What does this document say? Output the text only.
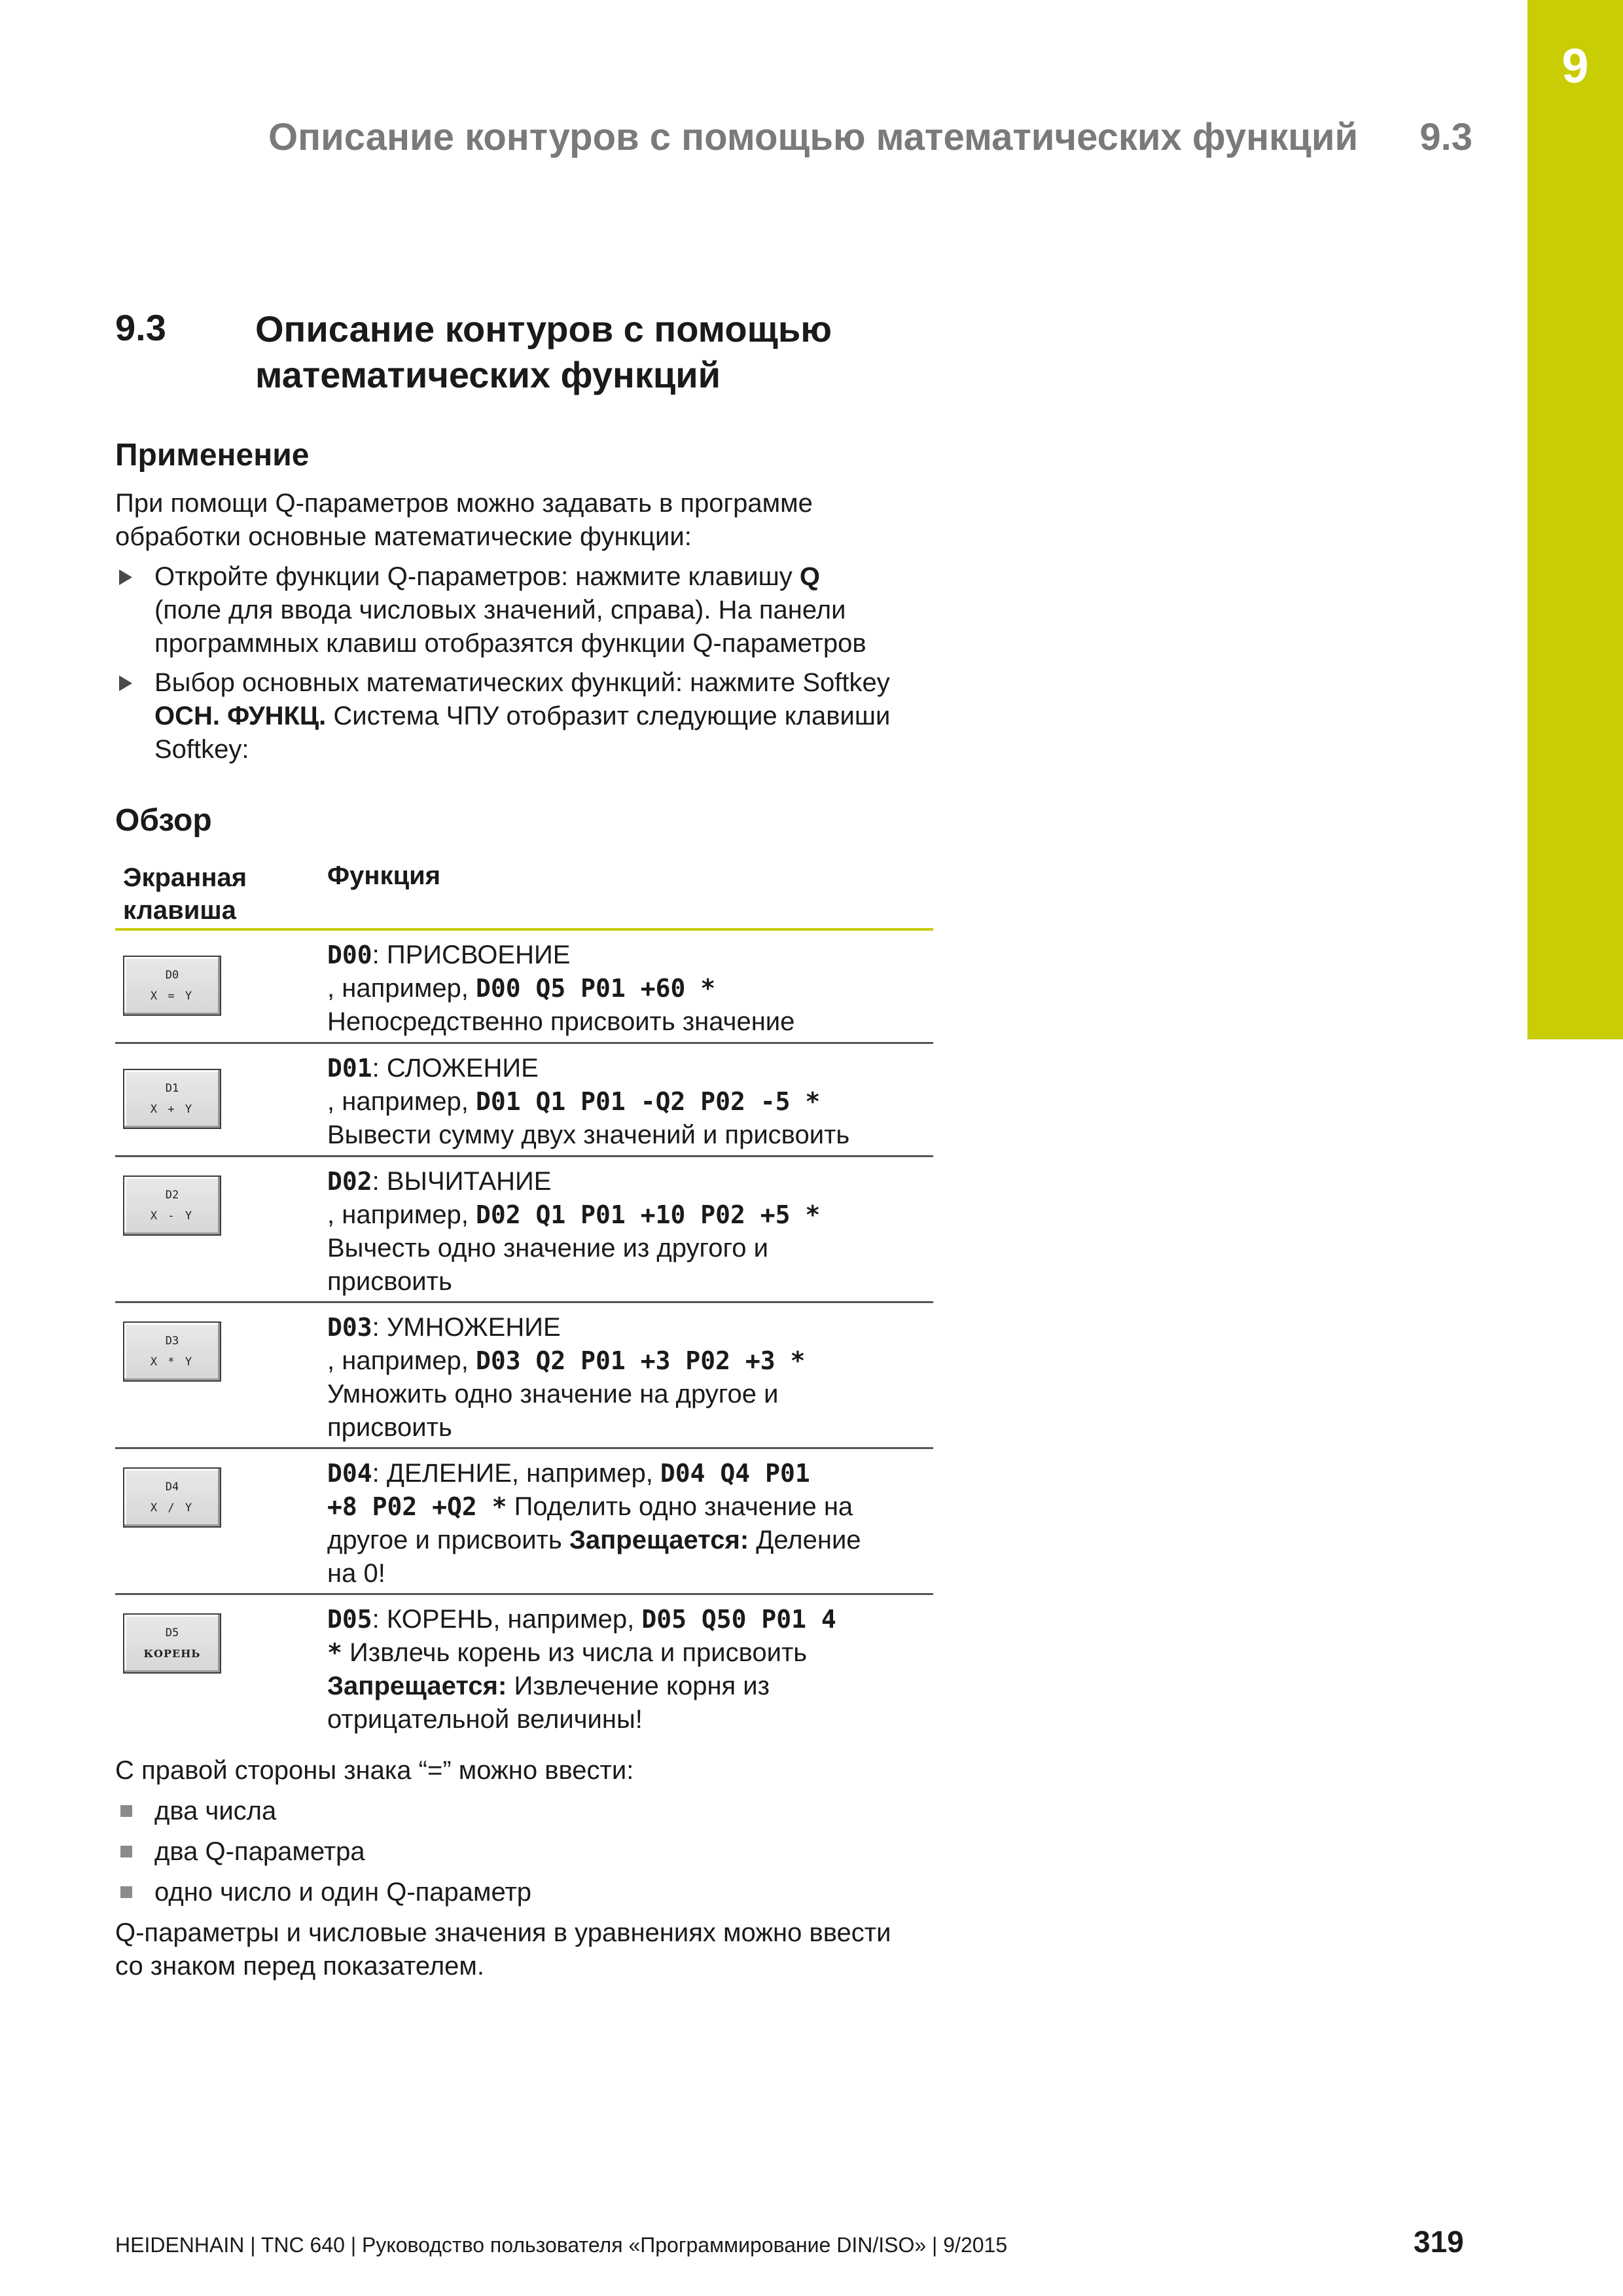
9
Описание контуров с помощью математических функций 9.3
9.3 Описание контуров с помощью
математических функций
Применение
При помощи Q-параметров можно задавать в программе
обработки основные математические функции:
Откройте функции Q-параметров: нажмите клавишу Q
(поле для ввода числовых значений, справа). На панели
программных клавиш отобразятся функции Q-параметров
Выбор основных математических функций: нажмите Softkey
ОСН. ФУНКЦ. Система ЧПУ отобразит следующие клавиши
Softkey:
Обзор
Экранная
клавиша
Функция
D0
X = Y
D00: ПРИСВОЕНИЕ
, например, D00 Q5 P01 +60 *
Непосредственно присвоить значение
D1
X + Y
D01: СЛОЖЕНИЕ
, например, D01 Q1 P01 -Q2 P02 -5 *
Вывести сумму двух значений и присвоить
D2
X - Y
D02: ВЫЧИТАНИЕ
, например, D02 Q1 P01 +10 P02 +5 *
Вычесть одно значение из другого и
присвоить
D3
X * Y
D03: УМНОЖЕНИЕ
, например, D03 Q2 P01 +3 P02 +3 *
Умножить одно значение на другое и
присвоить
D4
X / Y
D04: ДЕЛЕНИЕ, например, D04 Q4 P01
+8 P02 +Q2 * Поделить одно значение на
другое и присвоить Запрещается: Деление
на 0!
D5
КОРЕНЬ
D05: КОРЕНЬ, например, D05 Q50 P01 4
* Извлечь корень из числа и присвоить
Запрещается: Извлечение корня из
отрицательной величины!
С правой стороны знака “=” можно ввести:
два числа
два Q-параметра
одно число и один Q-параметр
Q-параметры и числовые значения в уравнениях можно ввести
со знаком перед показателем.
HEIDENHAIN | TNC 640 | Руководство пользователя «Программирование DIN/ISO» | 9/2015	319
